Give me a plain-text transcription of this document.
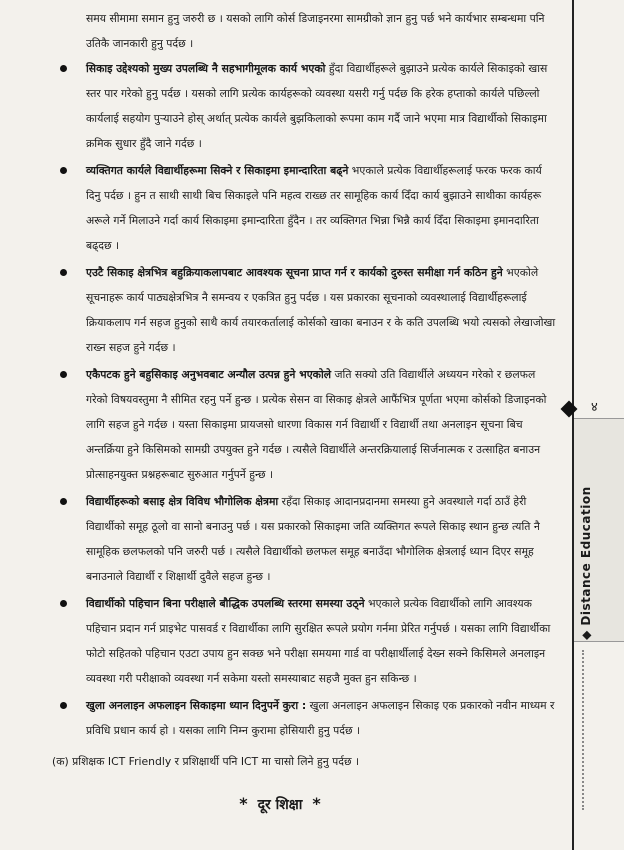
समय सीमामा समान हुनु जरुरी छ । यसको लागि कोर्स डिजाइनरमा सामग्रीको ज्ञान हुनु पर्छ भने कार्यभार सम्बन्धमा पनि उतिकै जानकारी हुनु पर्दछ ।

सिकाइ उद्देश्यको मुख्य उपलब्धि नै सहभागीमूलक कार्य भएको हुँदा विद्यार्थीहरूले बुझाउने प्रत्येक कार्यले सिकाइको खास स्तर पार गरेको हुनु पर्दछ । यसको लागि प्रत्येक कार्यहरूको व्यवस्था यसरी गर्नु पर्दछ कि हरेक हप्ताको कार्यले पछिल्लो कार्यलाई सहयोग पुऱ्याउने होस् अर्थात् प्रत्येक कार्यले बुझकिलाको रूपमा काम गर्दै जाने भएमा मात्र विद्यार्थीको सिकाइमा क्रमिक सुधार हुँदै जाने गर्दछ ।
व्यक्तिगत कार्यले विद्यार्थीहरूमा सिक्ने र सिकाइमा इमान्दारिता बढ्ने भएकाले प्रत्येक विद्यार्थीहरूलाई फरक फरक कार्य दिनु पर्दछ । हुन त साथी साथी बिच सिकाइले पनि महत्व राख्छ तर सामूहिक कार्य दिँदा कार्य बुझाउने साथीका कार्यहरू अरूले गर्ने मिलाउने गर्दा कार्य सिकाइमा इमान्दारिता हुँदैन । तर व्यक्तिगत भिन्ना भिन्नै कार्य दिँदा सिकाइमा इमानदारिता बढ्दछ ।
एउटै सिकाइ क्षेत्रभित्र बहुक्रियाकलापबाट आवश्यक सूचना प्राप्त गर्न र कार्यको दुरुस्त समीक्षा गर्न कठिन हुने भएकोले सूचनाहरू कार्य पाठ्यक्षेत्रभित्र नै समन्वय र एकत्रित हुनु पर्दछ । यस प्रकारका सूचनाको व्यवस्थालाई विद्यार्थीहरूलाई क्रियाकलाप गर्न सहज हुनुको साथै कार्य तयारकर्तालाई कोर्सको खाका बनाउन र के कति उपलब्धि भयो त्यसको लेखाजोखा राख्न सहज हुने गर्दछ ।
एकैपटक हुने बहुसिकाइ अनुभवबाट अन्यौल उत्पन्न हुने भएकोले जति सक्यो उति विद्यार्थीले अध्ययन गरेको र छलफल गरेको विषयवस्तुमा नै सीमित रहनु पर्ने हुन्छ । प्रत्येक सेसन वा सिकाइ क्षेत्रले आफैंभित्र पूर्णता भएमा कोर्सको डिजाइनको लागि सहज हुने गर्दछ । यस्ता सिकाइमा प्रायजसो धारणा विकास गर्न विद्यार्थी र विद्यार्थी तथा अनलाइन सूचना बिच अन्तर्क्रिया हुने किसिमको सामग्री उपयुक्त हुने गर्दछ । त्यसैले विद्यार्थीले अन्तरक्रियालाई सिर्जनात्मक र उत्साहित बनाउन प्रोत्साहनयुक्त प्रश्नहरूबाट सुरुआत गर्नुपर्ने हुन्छ ।
विद्यार्थीहरूको बसाइ क्षेत्र विविध भौगोलिक क्षेत्रमा रहँदा सिकाइ आदानप्रदानमा समस्या हुने अवस्थाले गर्दा ठाउँ हेरी विद्यार्थीको समूह ठूलो वा सानो बनाउनु पर्छ । यस प्रकारको सिकाइमा जति व्यक्तिगत रूपले सिकाइ स्थान हुन्छ त्यति नै सामूहिक छलफलको पनि जरुरी पर्छ । त्यसैले विद्यार्थीको छलफल समूह बनाउँदा भौगोलिक क्षेत्रलाई ध्यान दिएर समूह बनाउनाले विद्यार्थी र शिक्षार्थी दुवैले सहज हुन्छ ।
विद्यार्थीको पहिचान बिना परीक्षाले बौद्धिक उपलब्धि स्तरमा समस्या उठ्ने भएकाले प्रत्येक विद्यार्थीको लागि आवश्यक पहिचान प्रदान गर्न प्राइभेट पासवर्ड र विद्यार्थीका लागि सुरक्षित रूपले प्रयोग गर्नमा प्रेरित गर्नुपर्छ । यसका लागि विद्यार्थीका फोटो सहितको पहिचान एउटा उपाय हुन सक्छ भने परीक्षा समयमा गार्ड वा परीक्षार्थीलाई देख्न सक्ने किसिमले अनलाइन व्यवस्था गरी परीक्षाको व्यवस्था गर्न सकेमा यस्तो समस्याबाट सहजै मुक्त हुन सकिन्छ ।
खुला अनलाइन अफलाइन सिकाइमा ध्यान दिनुपर्ने कुरा : खुला अनलाइन अफलाइन सिकाइ एक प्रकारको नवीन माध्यम र प्रविधि प्रधान कार्य हो । यसका लागि निम्न कुरामा होसियारी हुनु पर्दछ ।

(क) प्रशिक्षक ICT Friendly र प्रशिक्षार्थी पनि ICT मा चासो लिने हुनु पर्दछ ।

* दूर शिक्षा *
४
◆ Distance Education
